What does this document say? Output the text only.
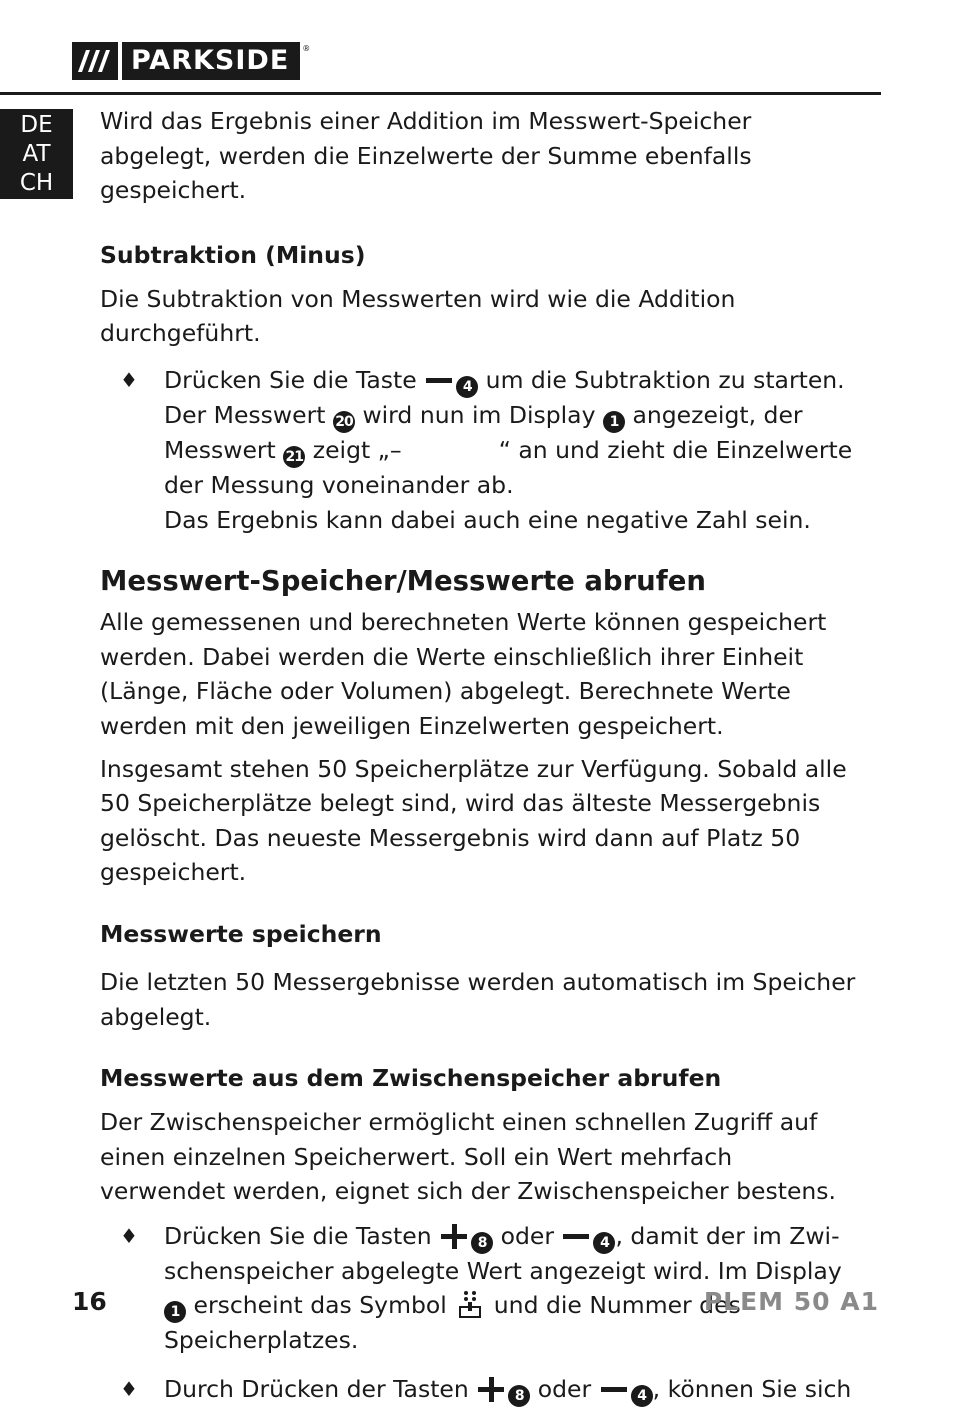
PARKSIDE	®
DE
AT
CH

Wird das Ergebnis einer Addition im Messwert-Speicher abgelegt, werden die Einzelwerte der Summe ebenfalls gespeichert.

Subtraktion (Minus)

Die Subtraktion von Messwerten wird wie die Addition durchgeführt.

♦ Drücken Sie die Taste	4 um die Subtraktion zu starten. Der Messwert 20 wird nun im Display 1 angezeigt, der Messwert 21 zeigt „–             “ an und zieht die Einzelwerte der Messung voneinander ab.
Das Ergebnis kann dabei auch eine negative Zahl sein.
Messwert-Speicher/Messwerte abrufen

Alle gemessenen und berechneten Werte können gespeichert werden. Dabei werden die Werte einschließlich ihrer Einheit (Länge, Fläche oder Volumen) abgelegt. Berechnete Werte werden mit den jeweiligen Einzelwerten gespeichert.

Insgesamt stehen 50 Speicherplätze zur Verfügung. Sobald alle 50 Speicherplätze belegt sind, wird das älteste Messergebnis gelöscht. Das neueste Messergebnis wird dann auf Platz 50 gespeichert.

Messwerte speichern

Die letzten 50 Messergebnisse werden automatisch im Speicher abgelegt.

Messwerte aus dem Zwischenspeicher abrufen

Der Zwischenspeicher ermöglicht einen schnellen Zugriff auf einen einzelnen Speicherwert. Soll ein Wert mehrfach verwendet werden, eignet sich der Zwischenspeicher bestens.

♦ Drücken Sie die Tasten	8 oder	4 , damit der im Zwischenspeicher abgelegte Wert angezeigt wird. Im Display 1 erscheint das Symbol und die Nummer des Speicherplatzes.
♦ Durch Drücken der Tasten	8 oder	4 , können Sie sich
16	PLEM 50 A1
